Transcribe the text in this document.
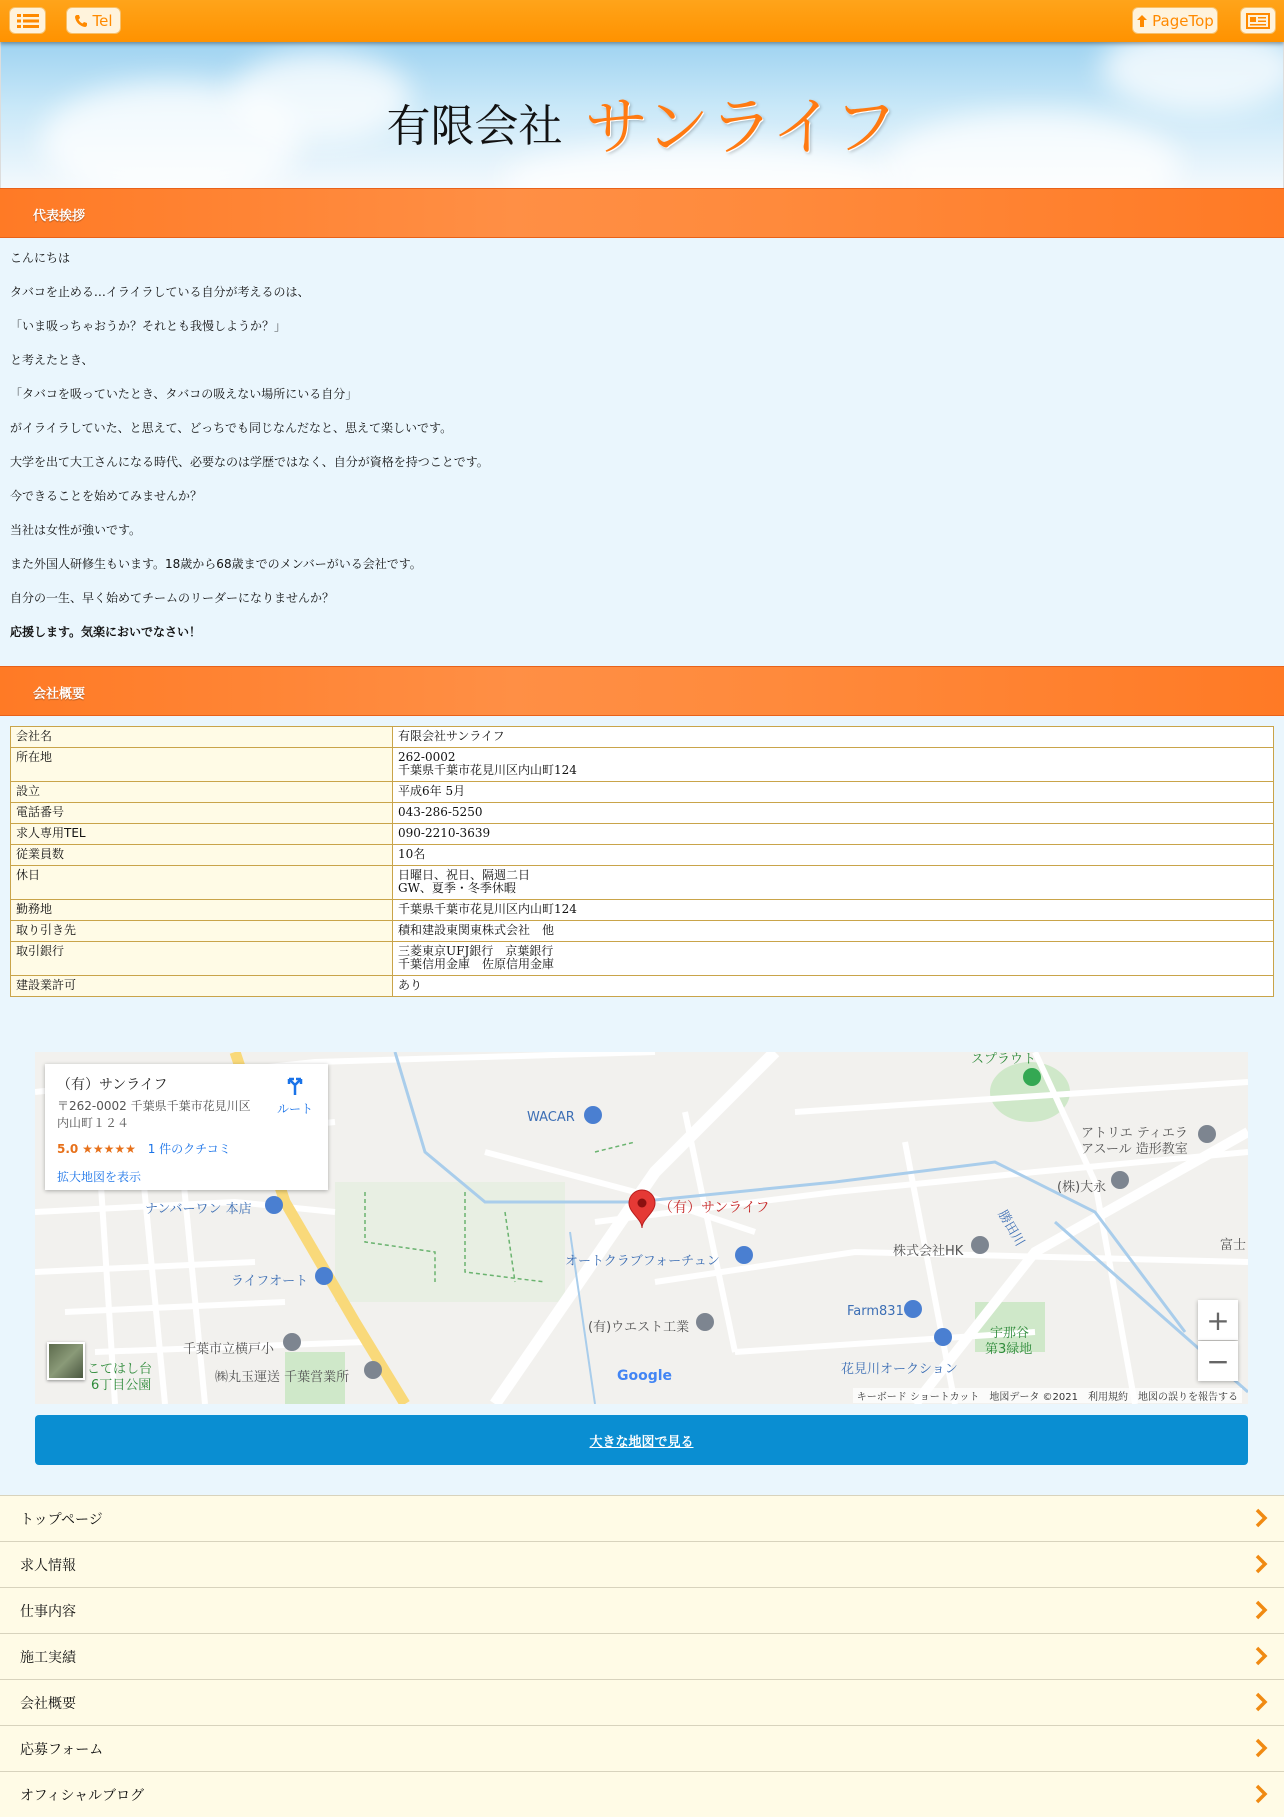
Tel	PageTop
有限会社 サンライフ
代表挨拶

こんにちは

タバコを止める…イライラしている自分が考えるのは、

「いま吸っちゃおうか？それとも我慢しようか？」

と考えたとき、

「タバコを吸っていたとき、タバコの吸えない場所にいる自分」

がイライラしていた、と思えて、どっちでも同じなんだなと、思えて楽しいです。

大学を出て大工さんになる時代、必要なのは学歴ではなく、自分が資格を持つことです。

今できることを始めてみませんか？

当社は女性が強いです。

また外国人研修生もいます。18歳から68歳までのメンバーがいる会社です。

自分の一生、早く始めてチームのリーダーになりませんか？

応援します。気楽においでなさい！

会社概要
会社名	有限会社サンライフ

所在地	262-0002
千葉県千葉市花見川区内山町124

設立	平成6年 5月

電話番号	043-286-5250

求人専用TEL	090-2210-3639

従業員数	10名

休日	日曜日、祝日、隔週二日
GW、夏季・冬季休暇

勤務地	千葉県千葉市花見川区内山町124

取り引き先	積和建設東関東株式会社　他

取引銀行	三菱東京UFJ銀行　京葉銀行
千葉信用金庫　佐原信用金庫

建設業許可	あり
（有）サンライフ
〒262-0002 千葉県千葉市花見川区内山町１２４
5.0 ★★★★★ 1 件のクチコミ
拡大地図を表示
ルート
（有）サンライフ
WACAR
ナンバーワン 本店
ライフオート
オートクラブフォーチュン
(有)ウエスト工業
千葉市立横戸小
こてはし台
6丁目公園
㈱丸玉運送 千葉営業所
アトリエ ティエラ
アスール 造形教室
(株)大永
株式会社HK
Farm831
宇那谷
第3緑地
花見川オークション
勝田川	富士
スプラウト
Google
+
−
キーボード ショートカット　地図データ ©2021　利用規約　地図の誤りを報告する
大きな地図で見る
トップページ
求人情報
仕事内容
施工実績
会社概要
応募フォーム
オフィシャルブログ
